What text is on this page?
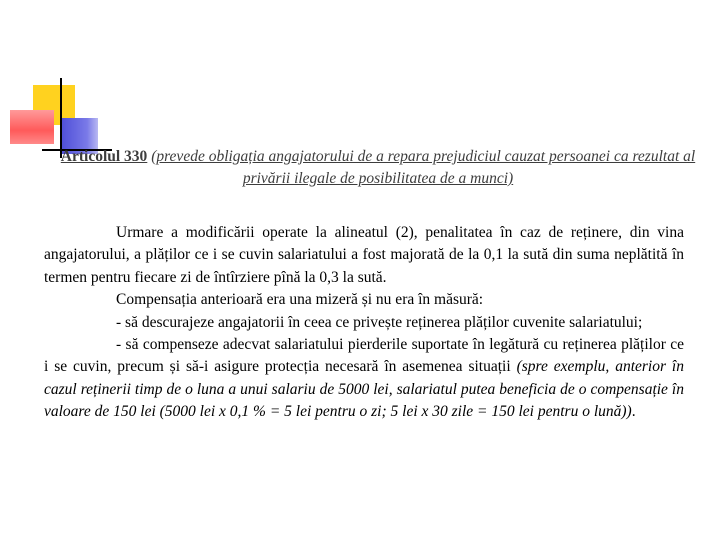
Articolul 330 (prevede obligația angajatorului de a repara prejudiciul cauzat persoanei ca rezultat al privării ilegale de posibilitatea de a munci)

Urmare a modificării operate la alineatul (2), penalitatea în caz de reținere, din vina angajatorului, a plăților ce i se cuvin salariatului a fost majorată de la 0,1 la sută din suma neplătită în termen pentru fiecare zi de întîrziere pînă la 0,3 la sută.

Compensația anterioară era una mizeră și nu era în măsură:

- să descurajeze angajatorii în ceea ce privește reținerea plăților cuvenite salariatului;

- să compenseze adecvat salariatului pierderile suportate în legătură cu reținerea plăților ce i se cuvin, precum și să-i asigure protecția necesară în asemenea situații (spre exemplu, anterior în cazul reținerii timp de o luna a unui salariu de 5000 lei, salariatul putea beneficia de o compensație în valoare de 150 lei (5000 lei x 0,1 % = 5 lei pentru o zi; 5 lei x 30 zile = 150 lei pentru o lună)).
